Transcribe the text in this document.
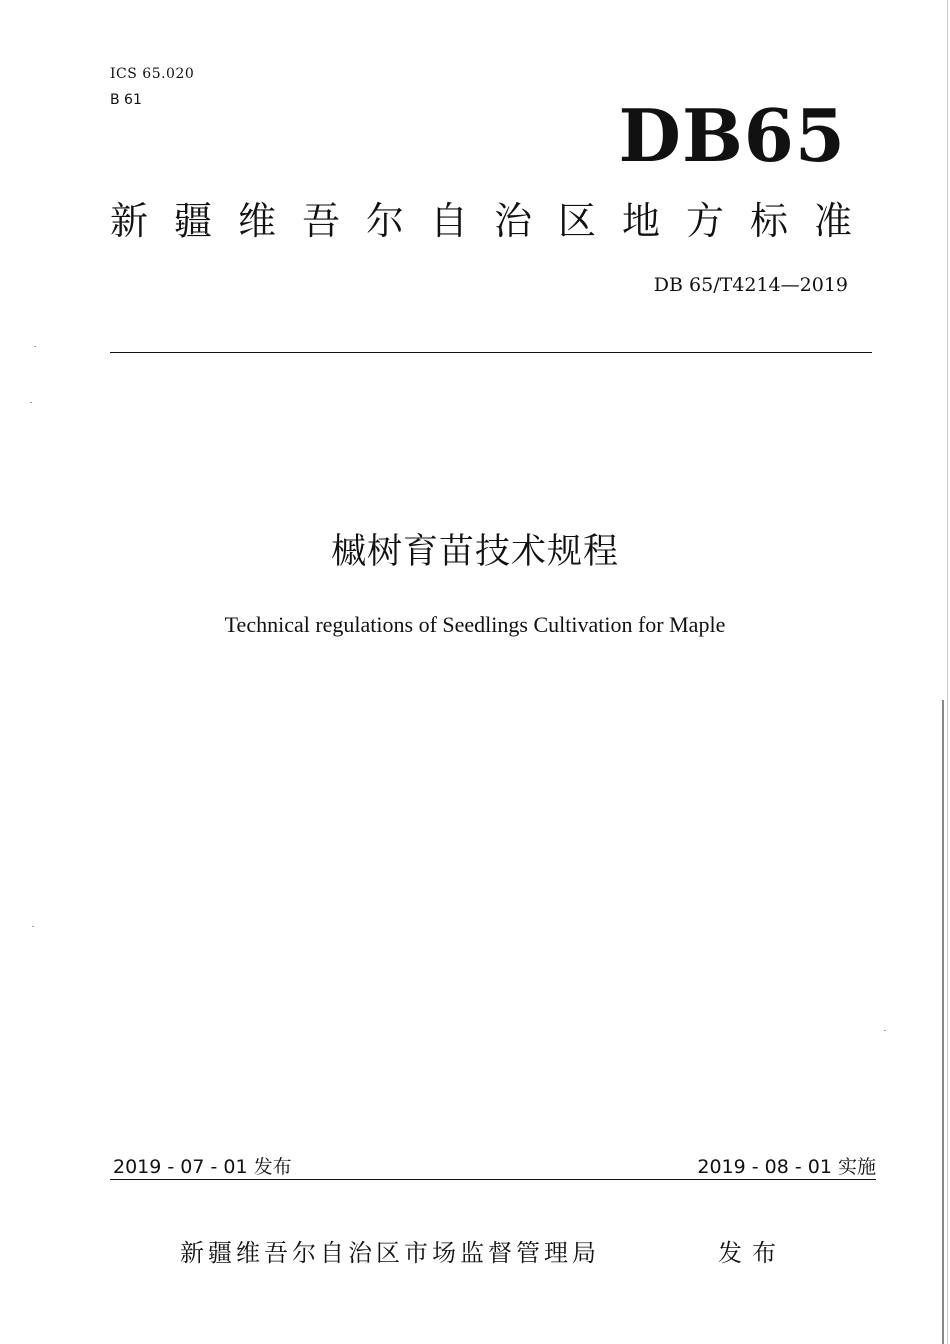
ICS 65.020
B 61	DB65
新疆维吾尔自治区地方标准
DB 65/T4214—2019
槭树育苗技术规程
Technical regulations of Seedlings Cultivation for Maple
2019 - 07 - 01 发布	2019 - 08 - 01 实施
新疆维吾尔自治区市场监督管理局	发布
